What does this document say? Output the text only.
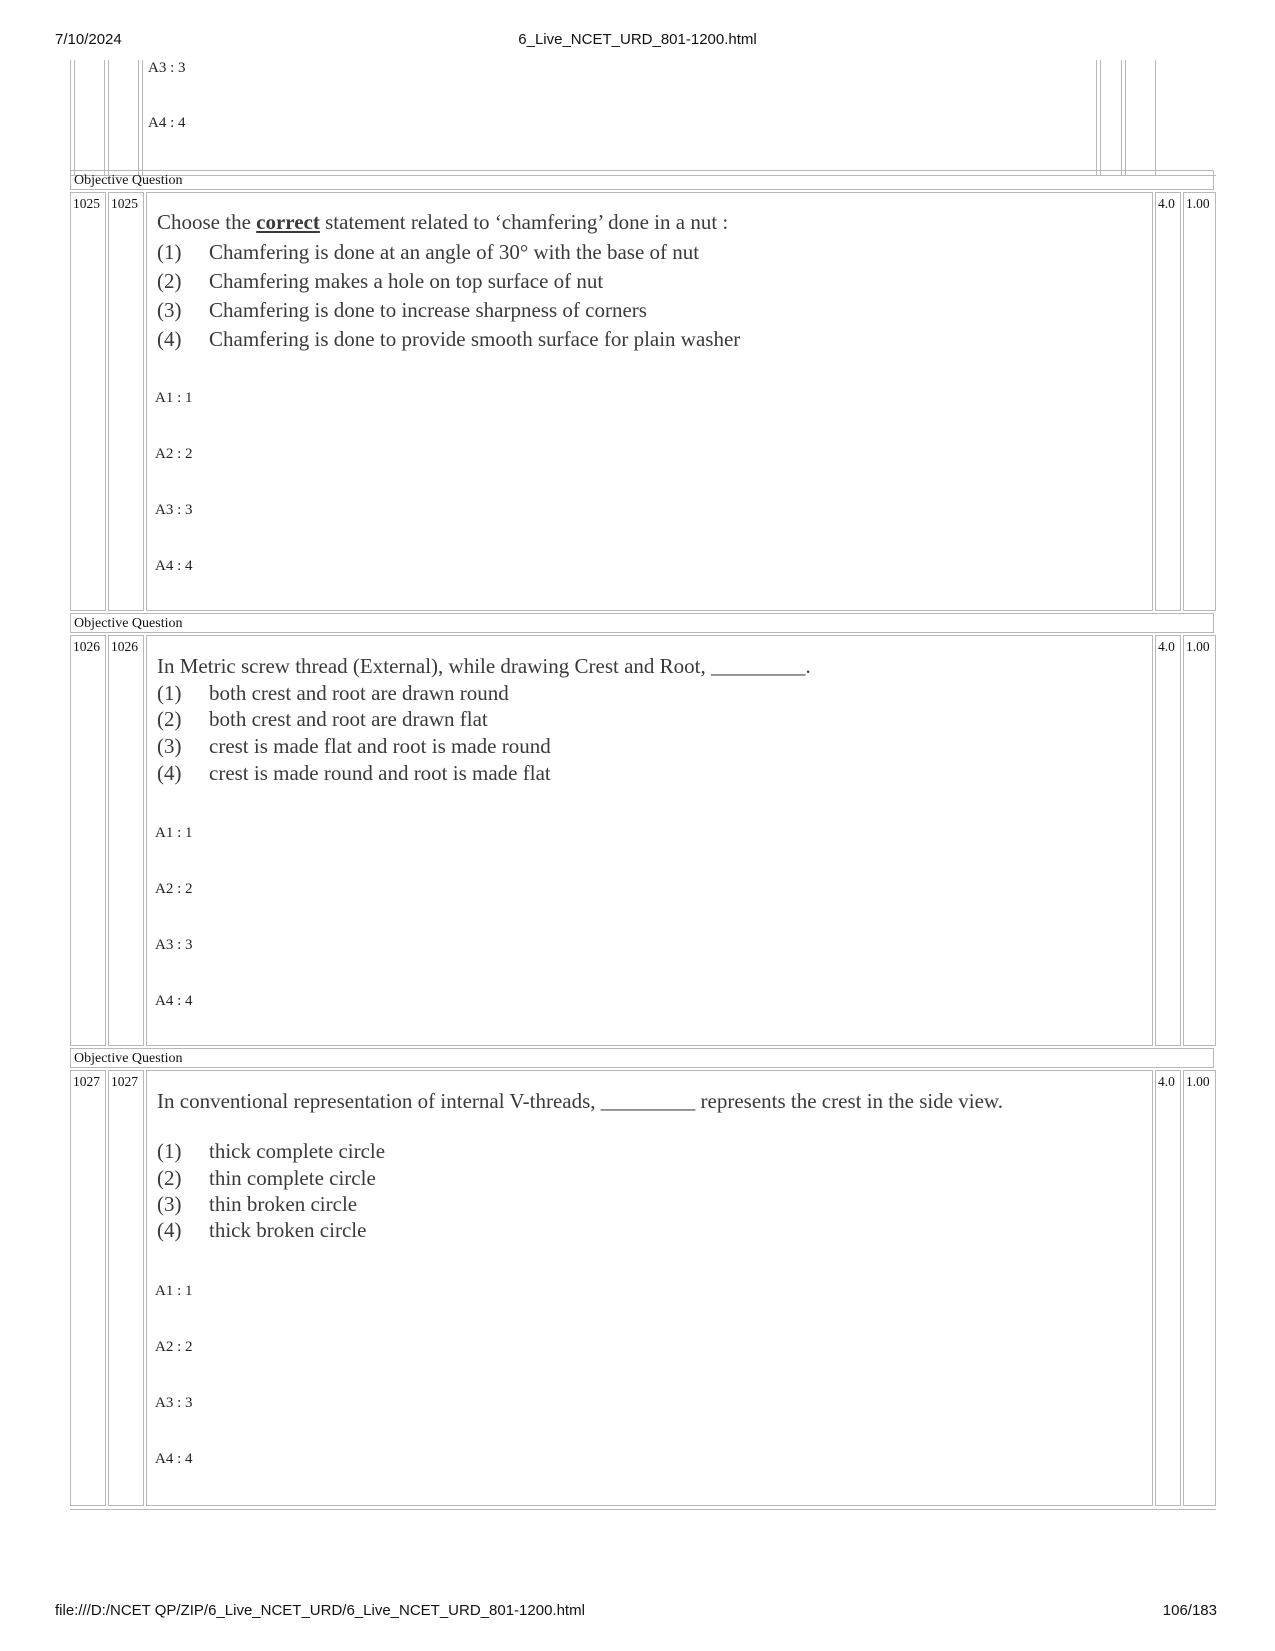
7/10/2024	6_Live_NCET_URD_801-1200.html
A3 : 3
A4 : 4
Objective Question
1025 1025
Choose the correct statement related to ‘chamfering’ done in a nut :
(1)	Chamfering is done at an angle of 30° with the base of nut
(2)	Chamfering makes a hole on top surface of nut
(3)	Chamfering is done to increase sharpness of corners
(4)	Chamfering is done to provide smooth surface for plain washer
A1 : 1
A2 : 2
A3 : 3
A4 : 4
4.0 1.00
Objective Question
1026 1026
In Metric screw thread (External), while drawing Crest and Root, _________.
(1)	both crest and root are drawn round
(2)	both crest and root are drawn flat
(3)	crest is made flat and root is made round
(4)	crest is made round and root is made flat
A1 : 1
A2 : 2
A3 : 3
A4 : 4
4.0 1.00
Objective Question
1027 1027
In conventional representation of internal V-threads, _________ represents the crest in the side view.
(1)	thick complete circle
(2)	thin complete circle
(3)	thin broken circle
(4)	thick broken circle
A1 : 1
A2 : 2
A3 : 3
A4 : 4
4.0 1.00
file:///D:/NCET QP/ZIP/6_Live_NCET_URD/6_Live_NCET_URD_801-1200.html	106/183
